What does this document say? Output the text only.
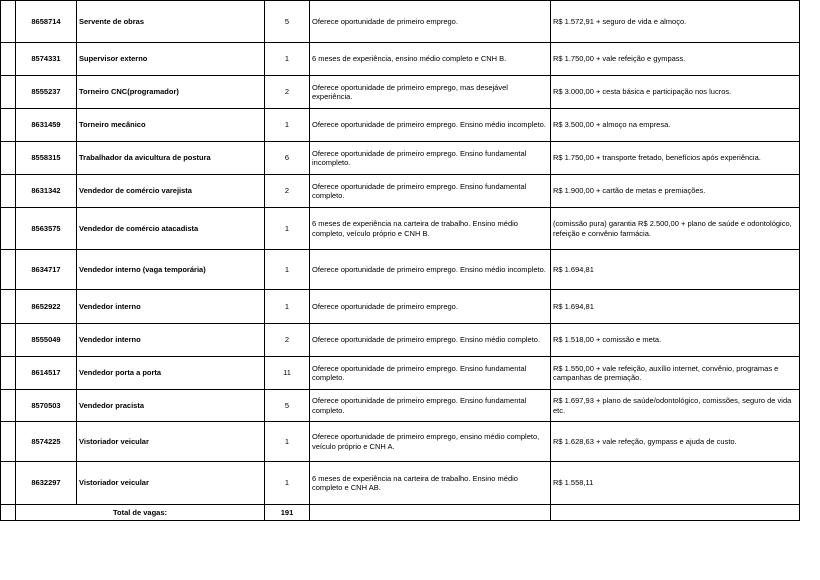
	8658714	Servente de obras	5	Oferece oportunidade de primeiro emprego.	R$ 1.572,91 + seguro de vida e almoço.
	8574331	Supervisor externo	1	6 meses de experiência, ensino médio completo e CNH B.	R$ 1.750,00 + vale refeição e gympass.
	8555237	Torneiro CNC(programador)	2	Oferece oportunidade de primeiro emprego, mas desejável experiência.	R$ 3.000,00 + cesta básica e participação nos lucros.
	8631459	Torneiro mecânico	1	Oferece oportunidade de primeiro emprego. Ensino médio incompleto.	R$ 3.500,00 + almoço na empresa.
	8558315	Trabalhador da avicultura de postura	6	Oferece oportunidade de primeiro emprego. Ensino fundamental incompleto.	R$ 1.750,00 + transporte fretado, benefícios após experiência.
	8631342	Vendedor de comércio varejista	2	Oferece oportunidade de primeiro emprego. Ensino fundamental completo.	R$ 1.900,00 + cartão de metas e premiações.
	8563575	Vendedor de comércio atacadista	1	6 meses de experiência na carteira de trabalho. Ensino médio completo, veículo próprio e CNH B.	(comissão pura) garantia R$ 2.500,00 + plano de saúde e odontológico, refeição e convênio farmácia.
	8634717	Vendedor interno (vaga temporária)	1	Oferece oportunidade de primeiro emprego. Ensino médio incompleto.	R$ 1.694,81
	8652922	Vendedor interno	1	Oferece oportunidade de primeiro emprego.	R$ 1.694,81
	8555049	Vendedor interno	2	Oferece oportunidade de primeiro emprego. Ensino médio completo.	R$ 1.518,00 + comissão e meta.
	8614517	Vendedor porta a porta	11	Oferece oportunidade de primeiro emprego. Ensino fundamental completo.	R$ 1.550,00 + vale refeição, auxílio internet, convênio, programas e campanhas de premiação.
	8570503	Vendedor pracista	5	Oferece oportunidade de primeiro emprego. Ensino fundamental completo.	R$ 1.697,93 + plano de saúde/odontológico, comissões, seguro de vida etc.
	8574225	Vistoriador veicular	1	Oferece oportunidade de primeiro emprego, ensino médio completo, veículo próprio e CNH A.	R$ 1.628,63 + vale refeção, gympass e ajuda de custo.
	8632297	Vistoriador veicular	1	6 meses de experiência na carteira de trabalho. Ensino médio completo e CNH AB.	R$ 1.558,11
	Total de vagas:		191		
